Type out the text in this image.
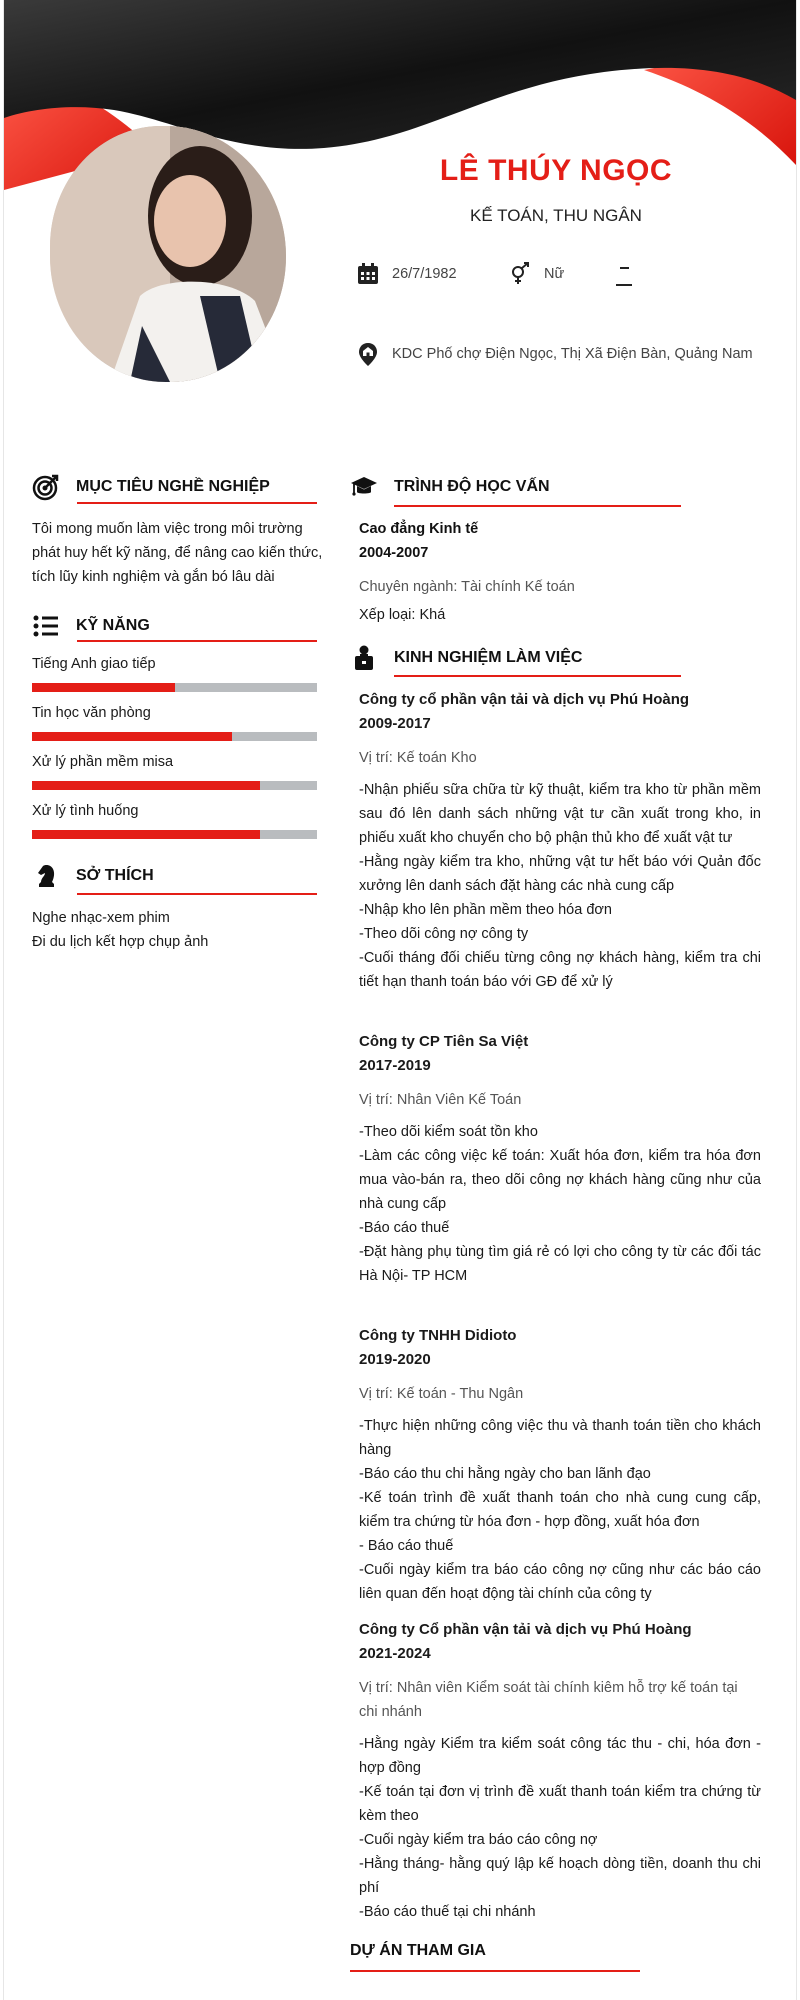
LÊ THÚY NGỌC
KẾ TOÁN, THU NGÂN
26/7/1982	Nữ
KDC Phố chợ Điện Ngọc, Thị Xã Điện Bàn, Quảng Nam
MỤC TIÊU NGHỀ NGHIỆP
Tôi mong muốn làm việc trong môi trường
phát huy hết kỹ năng, để nâng cao kiến thức,
tích lũy kinh nghiệm và gắn bó lâu dài
KỸ NĂNG
Tiếng Anh giao tiếp
Tin học văn phòng
Xử lý phần mềm misa
Xử lý tình huống
SỞ THÍCH
Nghe nhạc-xem phim
Đi du lịch kết hợp chụp ảnh
TRÌNH ĐỘ HỌC VẤN
Cao đẳng Kinh tế
2004-2007
Chuyên ngành: Tài chính Kế toán
Xếp loại: Khá
KINH NGHIỆM LÀM VIỆC
Công ty cổ phần vận tải và dịch vụ Phú Hoàng
2009-2017
Vị trí: Kế toán Kho
-Nhận phiếu sữa chữa từ kỹ thuật, kiểm tra kho từ phần mềm sau đó lên danh sách những vật tư cần xuất trong kho, in phiếu xuất kho chuyển cho bộ phận thủ kho để xuất vật tư
-Hằng ngày kiểm tra kho, những vật tư hết báo với Quản đốc xưởng lên danh sách đặt hàng các nhà cung cấp
-Nhập kho lên phần mềm theo hóa đơn
-Theo dõi công nợ công ty
-Cuối tháng đối chiếu từng công nợ khách hàng, kiểm tra chi tiết hạn thanh toán báo với GĐ để xử lý
Công ty CP Tiên Sa Việt
2017-2019
Vị trí: Nhân Viên Kế Toán
-Theo dõi kiểm soát tồn kho
-Làm các công việc kế toán: Xuất hóa đơn, kiểm tra hóa đơn mua vào-bán ra, theo dõi công nợ khách hàng cũng như của nhà cung cấp
-Báo cáo thuế
-Đặt hàng phụ tùng tìm giá rẻ có lợi cho công ty từ các đối tác Hà Nội- TP HCM
Công ty TNHH Didioto
2019-2020
Vị trí: Kế toán - Thu Ngân
-Thực hiện những công việc thu và thanh toán tiền cho khách hàng
-Báo cáo thu chi hằng ngày cho ban lãnh đạo
-Kế toán trình đề xuất thanh toán cho nhà cung cung cấp, kiểm tra chứng từ hóa đơn - hợp đồng, xuất hóa đơn
- Báo cáo thuế
-Cuối ngày kiểm tra báo cáo công nợ cũng như các báo cáo liên quan đến hoạt động tài chính của công ty
Công ty Cổ phần vận tải và dịch vụ Phú Hoàng
2021-2024
Vị trí: Nhân viên Kiểm soát tài chính kiêm hỗ trợ kế toán tại chi nhánh
-Hằng ngày Kiểm tra kiểm soát công tác thu - chi, hóa đơn - hợp đồng
-Kế toán tại đơn vị trình đề xuất thanh toán kiểm tra chứng từ kèm theo
-Cuối ngày kiểm tra báo cáo công nợ
-Hằng tháng- hằng quý lập kế hoạch dòng tiền, doanh thu chi phí
-Báo cáo thuế tại chi nhánh
DỰ ÁN THAM GIA
